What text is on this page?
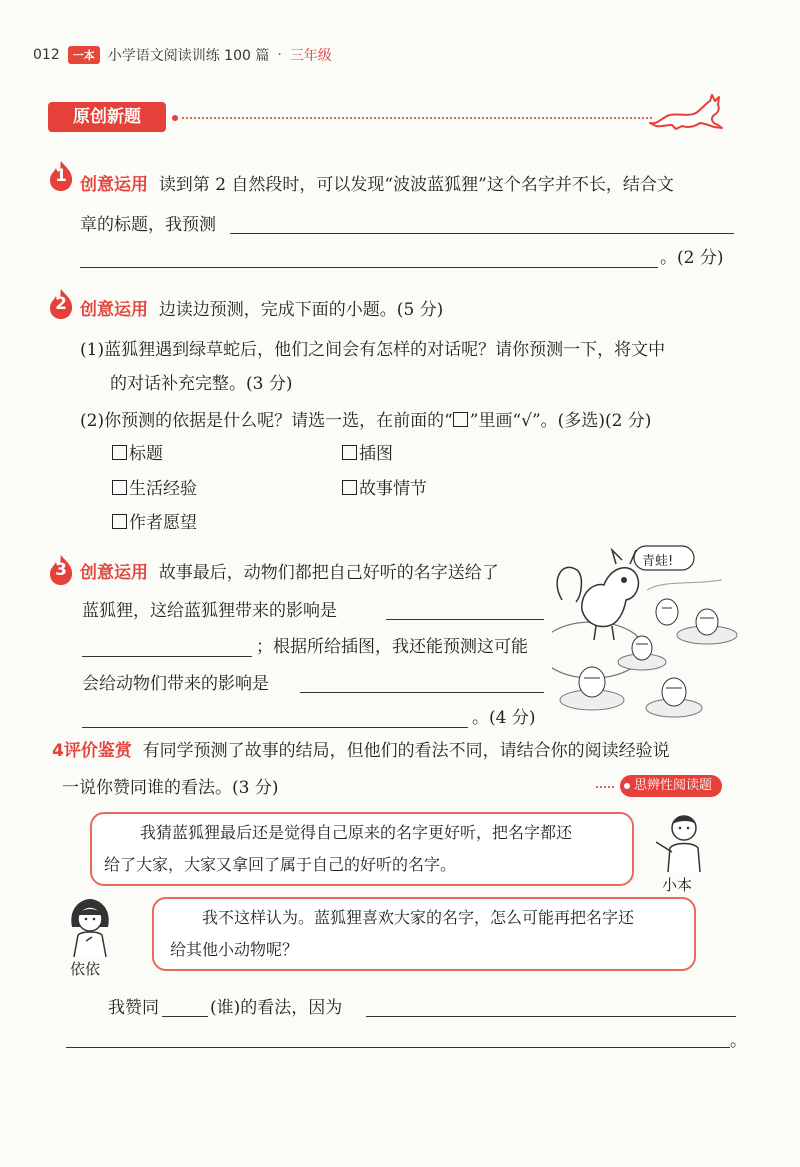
012	一本 小学语文阅读训练 100 篇 · 三年级
原创新题
1 创意运用 读到第 2 自然段时，可以发现“波波蓝狐狸”这个名字并不长，结合文
章的标题，我预测
。(2 分)
2 创意运用 边读边预测，完成下面的小题。(5 分)
(1)蓝狐狸遇到绿草蛇后，他们之间会有怎样的对话呢？请你预测一下，将文中
的对话补充完整。(3 分)
(2)你预测的依据是什么呢？请选一选，在前面的“ ”里画“√”。(多选)(2 分)
标题	插图
生活经验	故事情节
作者愿望
3 创意运用 故事最后，动物们都把自己好听的名字送给了
蓝狐狸，这给蓝狐狸带来的影响是
；根据所给插图，我还能预测这可能
会给动物们带来的影响是
。(4 分)
青蛙!
4评价鉴赏 有同学预测了故事的结局，但他们的看法不同，请结合你的阅读经验说
一说你赞同谁的看法。(3 分)	思辨性阅读题
我猜蓝狐狸最后还是觉得自己原来的名字更好听，把名字都还
给了大家，大家又拿回了属于自己的好听的名字。
小本
依依
我不这样认为。蓝狐狸喜欢大家的名字，怎么可能再把名字还
给其他小动物呢？
我赞同	(谁)的看法，因为
。
